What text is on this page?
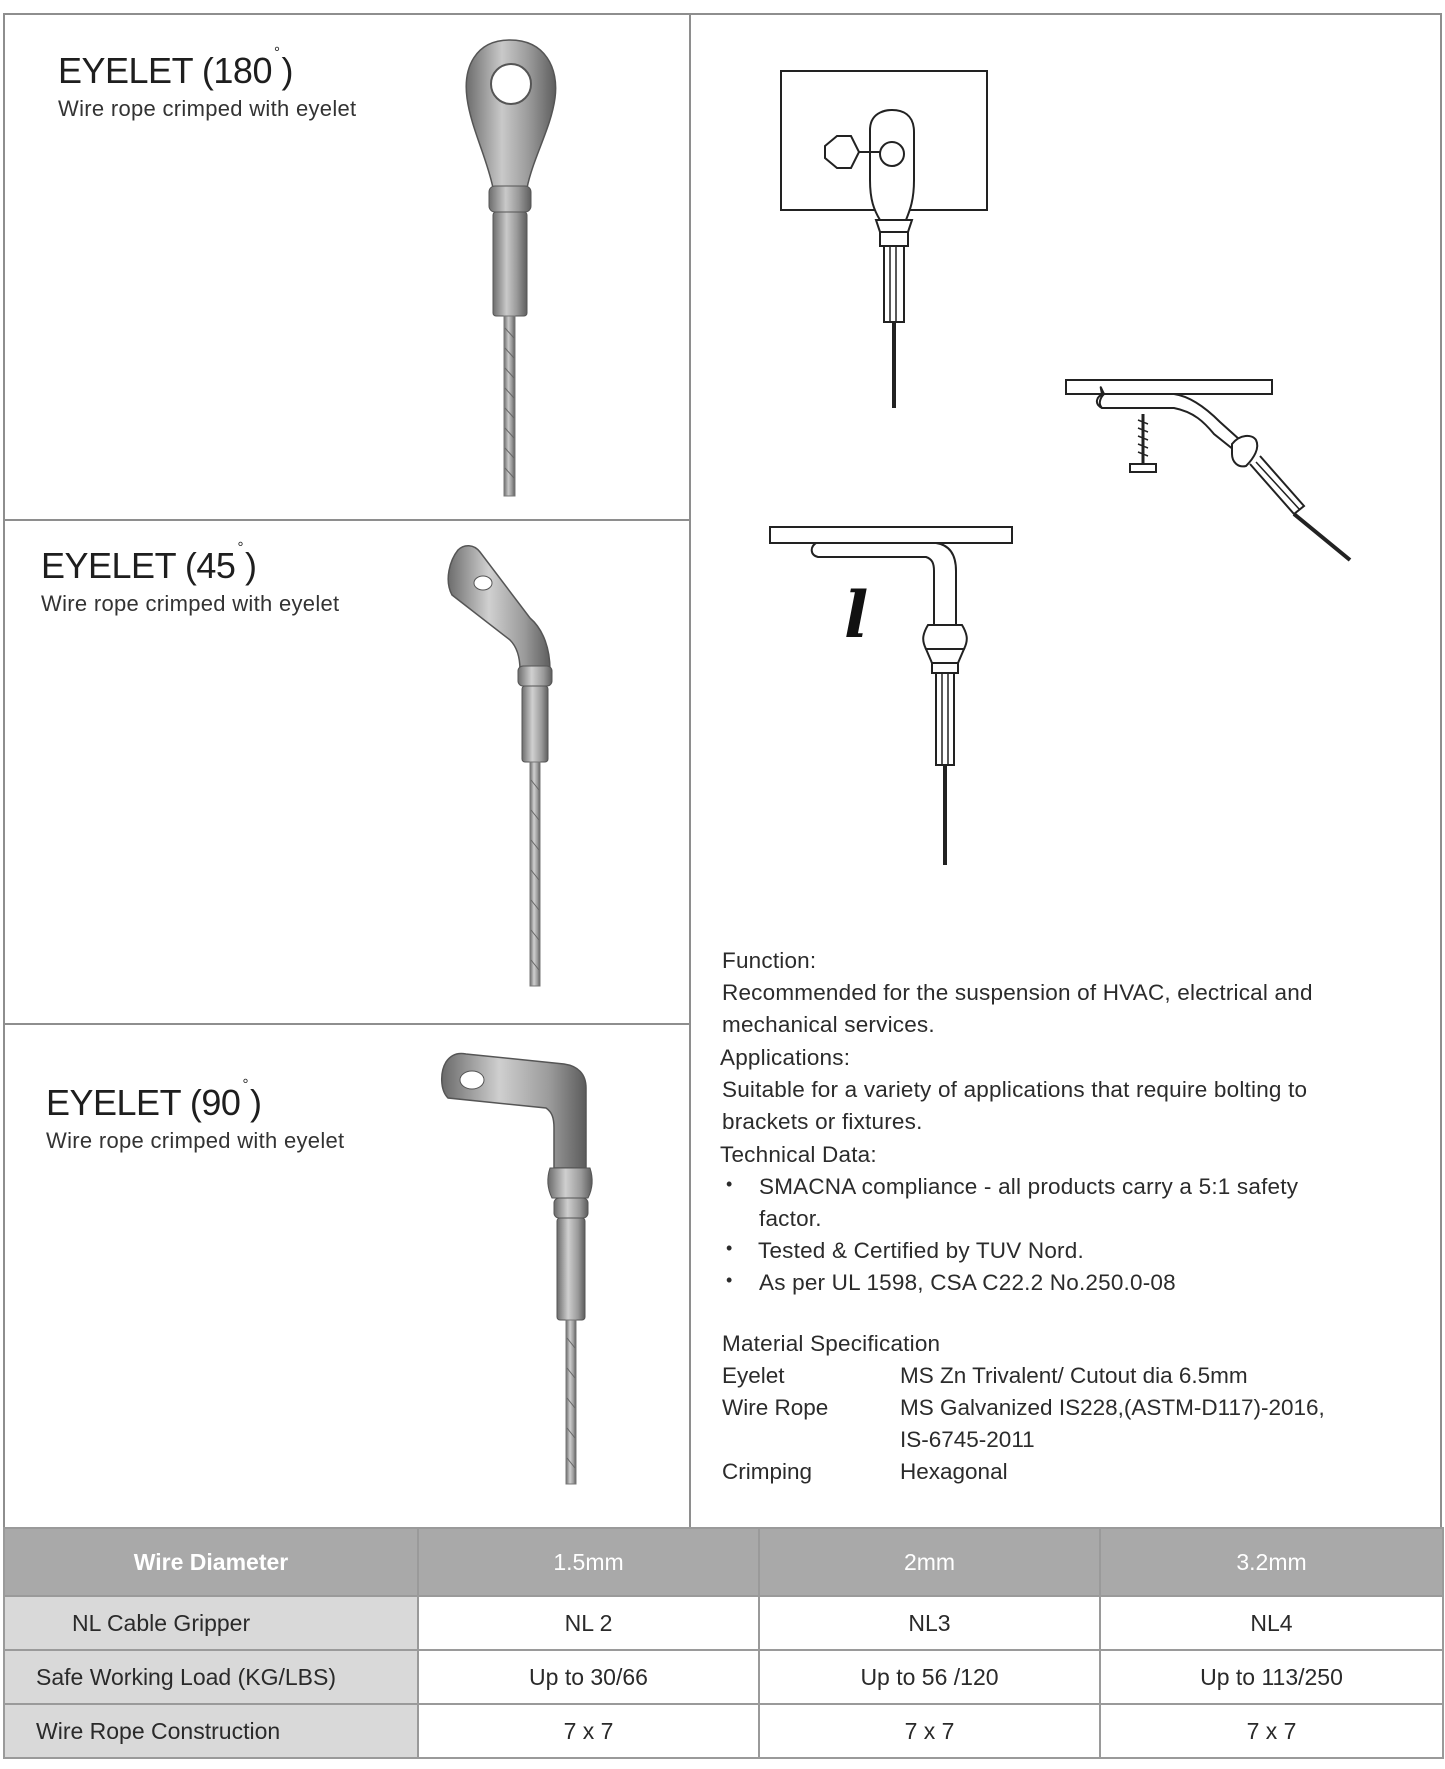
EYELET (180 °)
Wire rope crimped with eyelet
EYELET (45 °)
Wire rope crimped with eyelet
EYELET (90 °)
Wire rope crimped with eyelet
l
Function:
Recommended for the suspension of HVAC, electrical and
mechanical services.
Applications:
Suitable for a variety of applications that require bolting to
brackets or fixtures.
Technical Data:
• SMACNA compliance - all products carry a 5:1 safety
factor.
• Tested & Certified by TUV Nord.
• As per UL 1598, CSA C22.2 No.250.0-08
Material Specification
Eyelet	MS Zn Trivalent/ Cutout dia 6.5mm
Wire Rope	MS Galvanized IS228,(ASTM-D117)-2016,
IS-6745-2011
Crimping	Hexagonal
Wire Diameter	1.5mm	2mm	3.2mm
NL Cable Gripper	NL 2	NL3	NL4
Safe Working Load (KG/LBS)	Up to 30/66	Up to 56 /120	Up to 113/250
Wire Rope Construction	7 x 7	7 x 7	7 x 7
